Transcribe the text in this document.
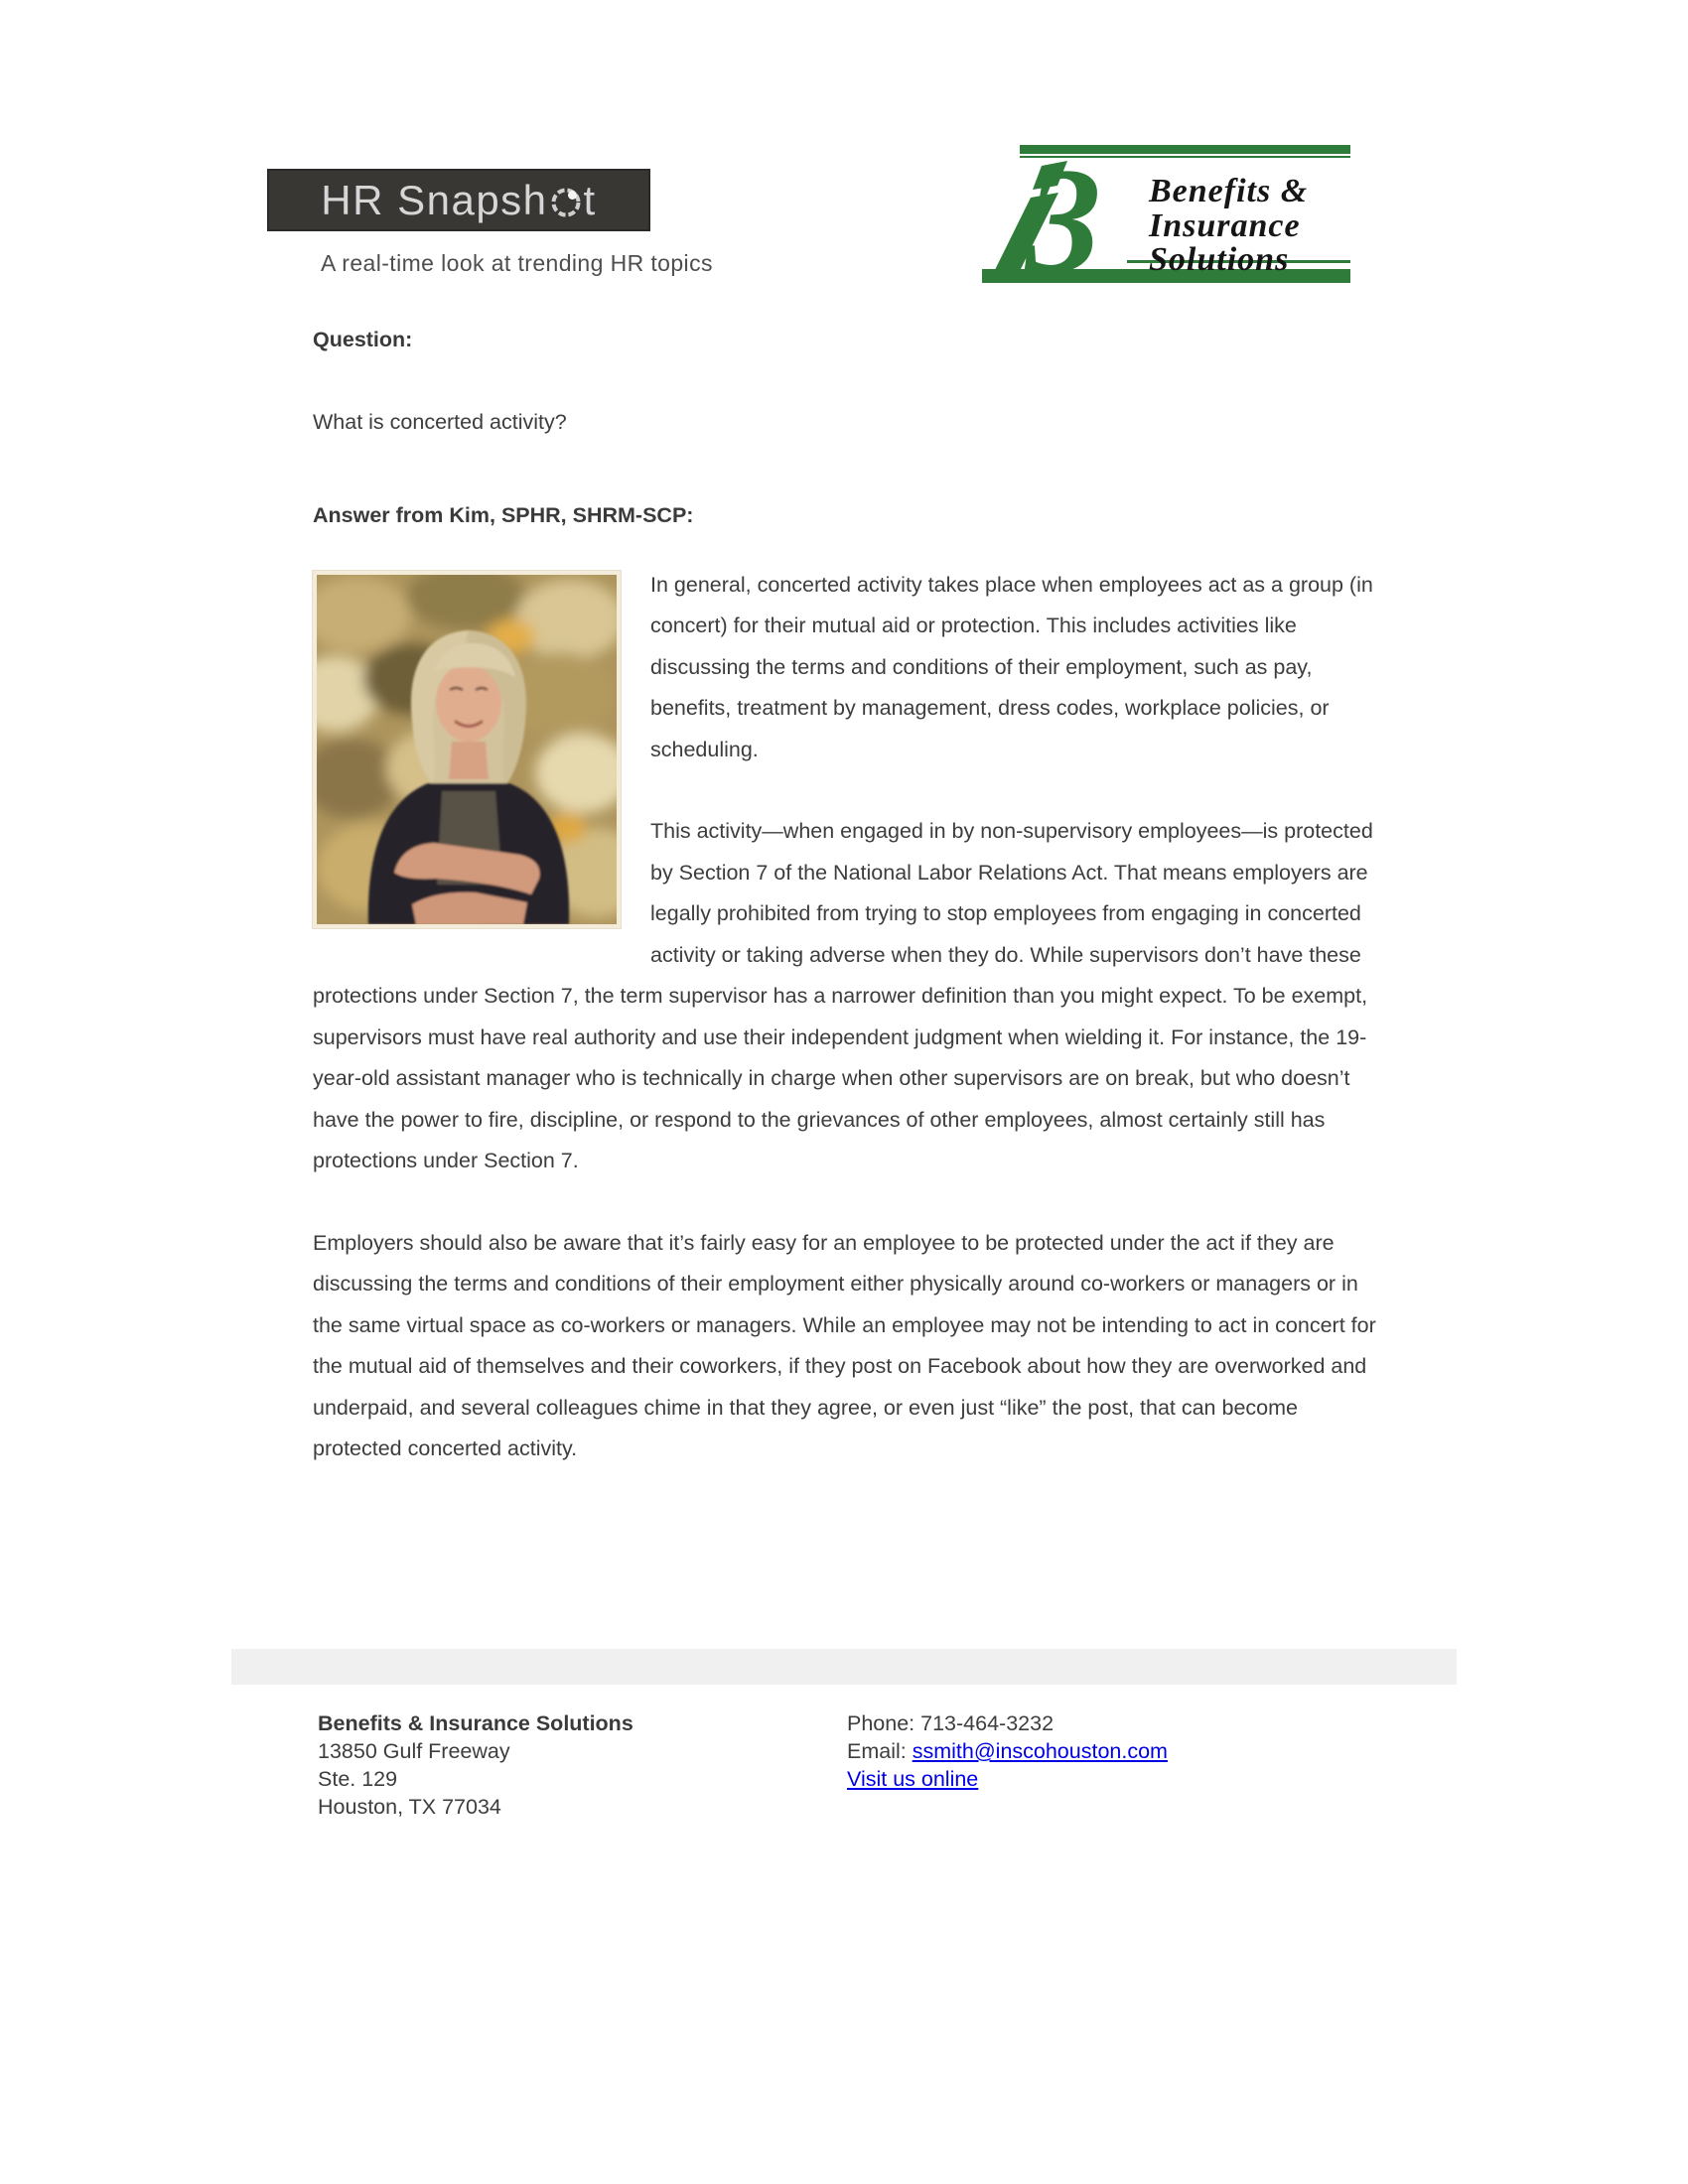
HR Snapsh t
A real-time look at trending HR topics 3 Benefits &
Insurance
Solutions

Question:

What is concerted activity?

Answer from Kim, SPHR, SHRM-SCP:

In general, concerted activity takes place when employees act as a group (in concert) for their mutual aid or protection. This includes activities like discussing the terms and conditions of their employment, such as pay, benefits, treatment by management, dress codes, workplace policies, or scheduling.

This activity—when engaged in by non-supervisory employees—is protected by Section 7 of the National Labor Relations Act. That means employers are legally prohibited from trying to stop employees from engaging in concerted activity or taking adverse when they do. While supervisors don’t have these protections under Section 7, the term supervisor has a narrower definition than you might expect. To be exempt, supervisors must have real authority and use their independent judgment when wielding it. For instance, the 19-year-old assistant manager who is technically in charge when other supervisors are on break, but who doesn’t have the power to fire, discipline, or respond to the grievances of other employees, almost certainly still has protections under Section 7.

Employers should also be aware that it’s fairly easy for an employee to be protected under the act if they are discussing the terms and conditions of their employment either physically around co-workers or managers or in the same virtual space as co-workers or managers. While an employee may not be intending to act in concert for the mutual aid of themselves and their coworkers, if they post on Facebook about how they are overworked and underpaid, and several colleagues chime in that they agree, or even just “like” the post, that can become protected concerted activity.

Benefits & Insurance Solutions
13850 Gulf Freeway
Ste. 129
Houston, TX 77034
Phone: 713-464-3232
Email: ssmith@inscohouston.com
Visit us online
